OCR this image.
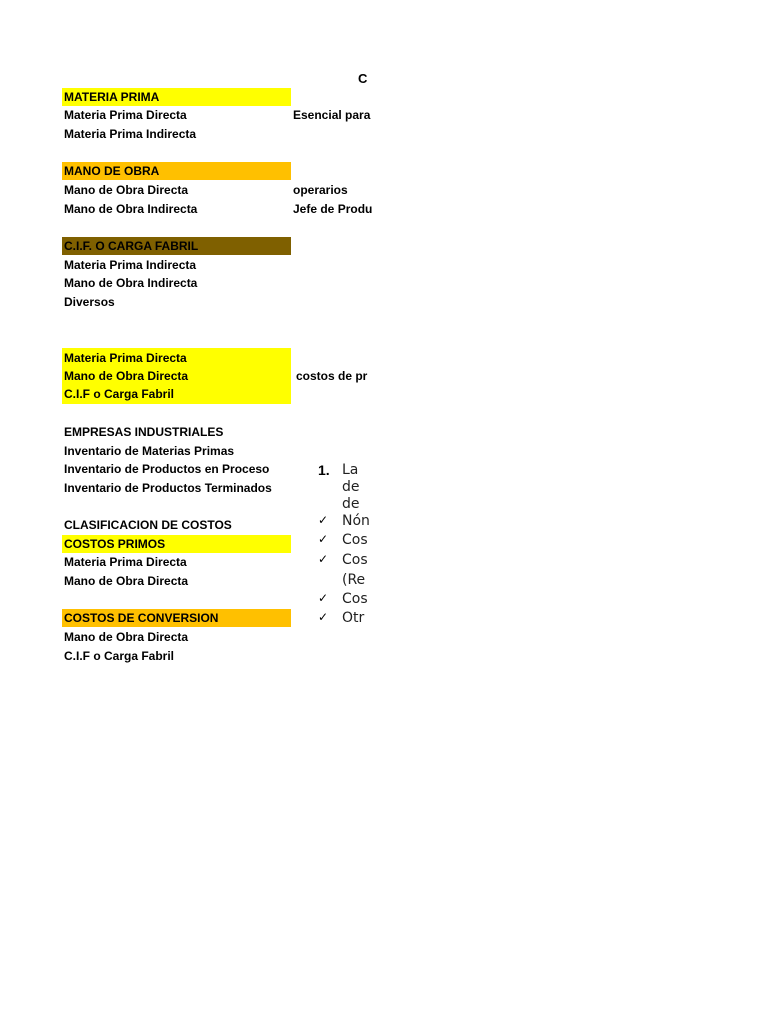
C
MATERIA PRIMA
Materia Prima Directa	Esencial para
Materia Prima Indirecta
MANO DE OBRA
Mano de Obra Directa	operarios
Mano de Obra Indirecta	Jefe de Produ
C.I.F. O CARGA FABRIL
Materia Prima Indirecta
Mano de Obra Indirecta
Diversos
Materia Prima Directa
Mano de Obra Directa	costos de pr
C.I.F o Carga Fabril
EMPRESAS INDUSTRIALES
Inventario de Materias Primas
Inventario de Productos en Proceso
Inventario de Productos Terminados
CLASIFICACION DE COSTOS
COSTOS PRIMOS
Materia Prima Directa
Mano de Obra Directa
COSTOS DE CONVERSION
Mano de Obra Directa
C.I.F o Carga Fabril
1. La
de
de
✓ Nón
✓ Cos
✓ Cos
(Re
✓ Cos
✓ Otr
